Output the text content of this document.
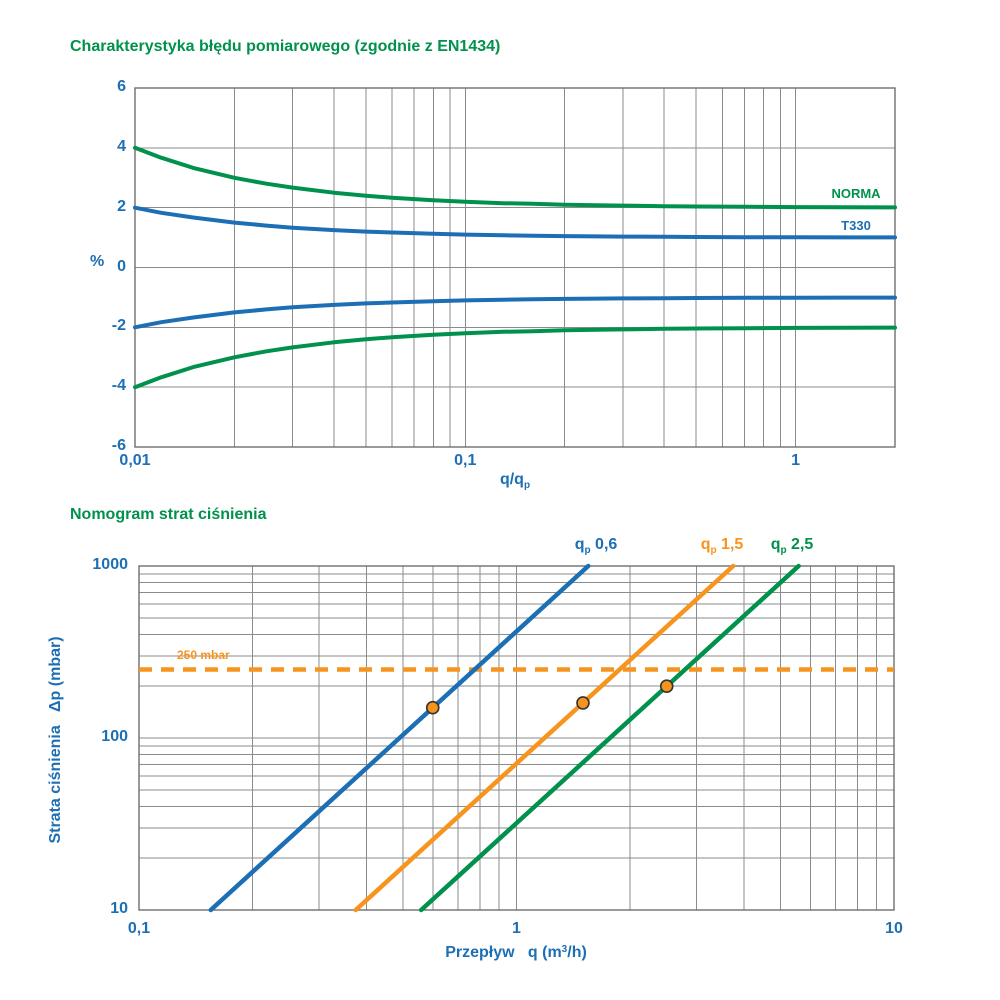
Charakterystyka błędu pomiarowego (zgodnie z EN1434)
Nomogram strat ciśnienia
6
4
2
0
-2
-4
-6
%
0,01	0,1	1
$q/q_p$
NORMA
T330
250 mbar
$q_p$ 0,6	$q_p$ 1,5 $q_p$ 2,5
1000
100
10
0,1	1	10
Przepływ   q $(m^3/h)$
Strata ciśnienia   Δp (mbar)
